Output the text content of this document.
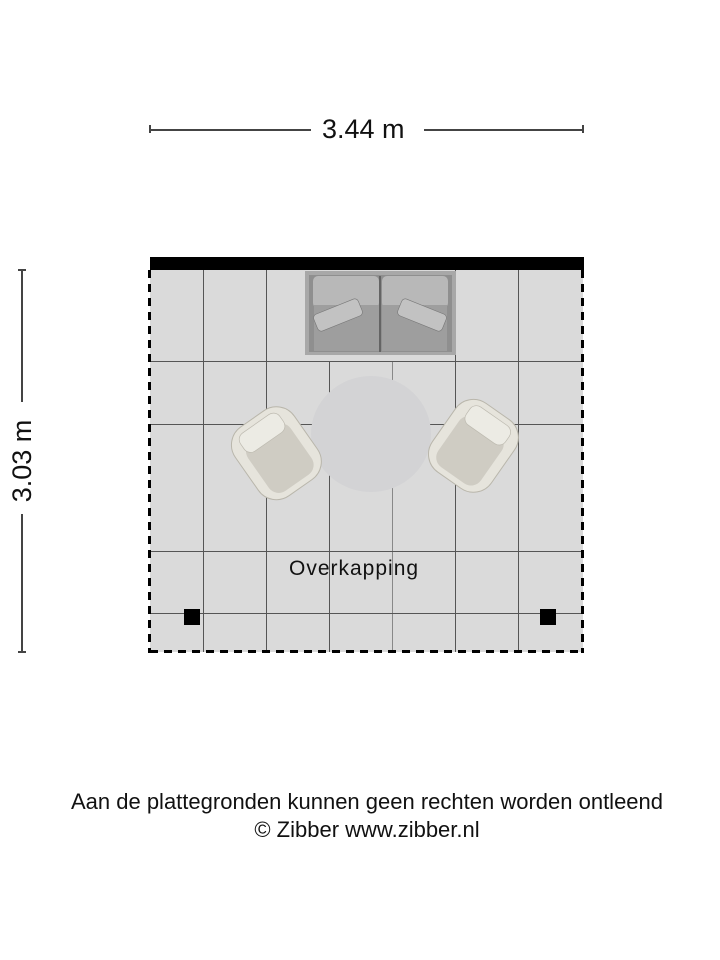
3.44 m
3.03 m
Overkapping
Aan de plattegronden kunnen geen rechten worden ontleend
© Zibber www.zibber.nl
